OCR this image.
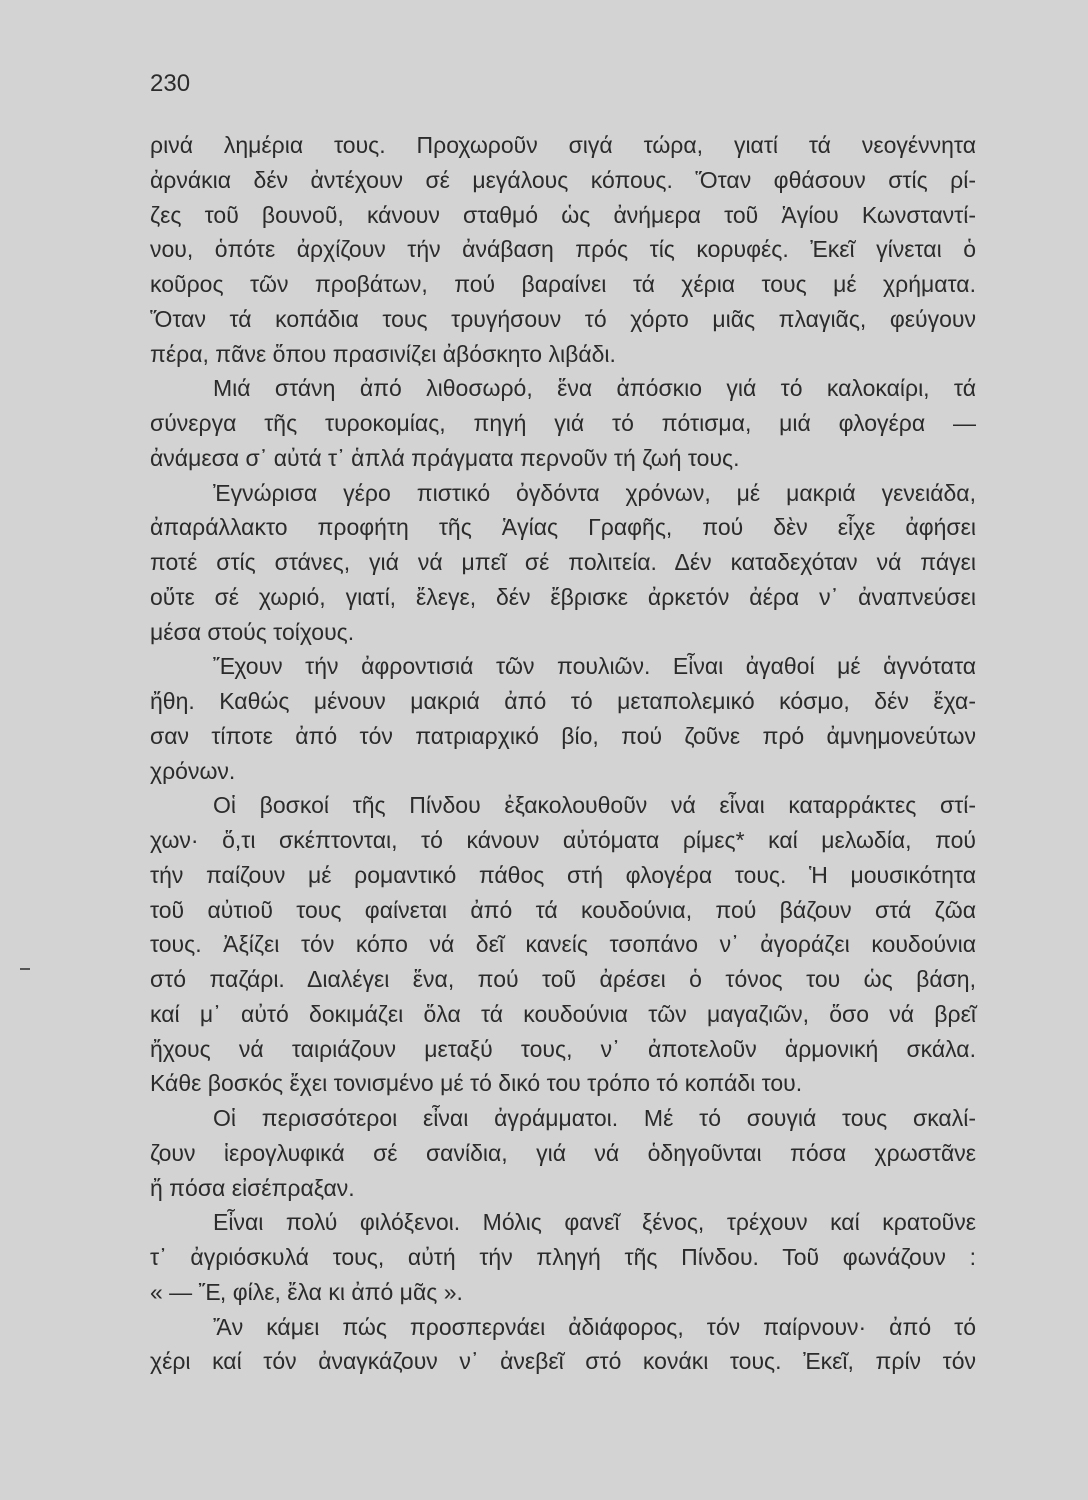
230
ρινά λημέρια τους. Προχωροῦν σιγά τώρα, γιατί τά νεογέννητα
ἀρνάκια δέν ἀντέχουν σέ μεγάλους κόπους. Ὅταν φθάσουν στίς ρί-
ζες τοῦ βουνοῦ, κάνουν σταθμό ὡς ἀνήμερα τοῦ Ἁγίου Κωνσταντί-
νου, ὁπότε ἀρχίζουν τήν ἀνάβαση πρός τίς κορυφές. Ἐκεῖ γίνεται ὁ
κοῦρος τῶν προβάτων, πού βαραίνει τά χέρια τους μέ χρήματα.
Ὅταν τά κοπάδια τους τρυγήσουν τό χόρτο μιᾶς πλαγιᾶς, φεύγουν
πέρα, πᾶνε ὅπου πρασινίζει ἀβόσκητο λιβάδι.
Μιά στάνη ἀπό λιθοσωρό, ἕνα ἀπόσκιο γιά τό καλοκαίρι, τά
σύνεργα τῆς τυροκομίας, πηγή γιά τό πότισμα, μιά φλογέρα —
ἀνάμεσα σ᾿ αὐτά τ᾿ ἁπλά πράγματα περνοῦν τή ζωή τους.
Ἐγνώρισα γέρο πιστικό ὀγδόντα χρόνων, μέ μακριά γενειάδα,
ἀπαράλλακτο προφήτη τῆς Ἁγίας Γραφῆς, πού δὲν εἶχε ἀφήσει
ποτέ στίς στάνες, γιά νά μπεῖ σέ πολιτεία. Δέν καταδεχόταν νά πάγει
οὔτε σέ χωριό, γιατί, ἔλεγε, δέν ἔβρισκε ἀρκετόν ἀέρα ν᾿ ἀναπνεύσει
μέσα στούς τοίχους.
Ἔχουν τήν ἀφροντισιά τῶν πουλιῶν. Εἶναι ἀγαθοί μέ ἁγνότατα
ἤθη. Καθώς μένουν μακριά ἀπό τό μεταπολεμικό κόσμο, δέν ἔχα-
σαν τίποτε ἀπό τόν πατριαρχικό βίο, πού ζοῦνε πρό ἀμνημονεύτων
χρόνων.
Οἱ βοσκοί τῆς Πίνδου ἐξακολουθοῦν νά εἶναι καταρράκτες στί-
χων· ὅ,τι σκέπτονται, τό κάνουν αὐτόματα ρίμες* καί μελωδία, πού
τήν παίζουν μέ ρομαντικό πάθος στή φλογέρα τους. Ἡ μουσικότητα
τοῦ αὐτιοῦ τους φαίνεται ἀπό τά κουδούνια, πού βάζουν στά ζῶα
τους. Ἀξίζει τόν κόπο νά δεῖ κανείς τσοπάνο ν᾿ ἀγοράζει κουδούνια
στό παζάρι. Διαλέγει ἕνα, πού τοῦ ἀρέσει ὁ τόνος του ὡς βάση,
καί μ᾿ αὐτό δοκιμάζει ὅλα τά κουδούνια τῶν μαγαζιῶν, ὅσο νά βρεῖ
ἤχους νά ταιριάζουν μεταξύ τους, ν᾿ ἀποτελοῦν ἁρμονική σκάλα.
Κάθε βοσκός ἔχει τονισμένο μέ τό δικό του τρόπο τό κοπάδι του.
Οἱ περισσότεροι εἶναι ἀγράμματοι. Μέ τό σουγιά τους σκαλί-
ζουν ἱερογλυφικά σέ σανίδια, γιά νά ὁδηγοῦνται πόσα χρωστᾶνε
ἤ πόσα εἰσέπραξαν.
Εἶναι πολύ φιλόξενοι. Μόλις φανεῖ ξένος, τρέχουν καί κρατοῦνε
τ᾿ ἀγριόσκυλά τους, αὐτή τήν πληγή τῆς Πίνδου. Τοῦ φωνάζουν :
« — Ἔ, φίλε, ἔλα κι ἀπό μᾶς ».
Ἄν κάμει πώς προσπερνάει ἀδιάφορος, τόν παίρνουν· ἀπό τό
χέρι καί τόν ἀναγκάζουν ν᾿ ἀνεβεῖ στό κονάκι τους. Ἐκεῖ, πρίν τόν
